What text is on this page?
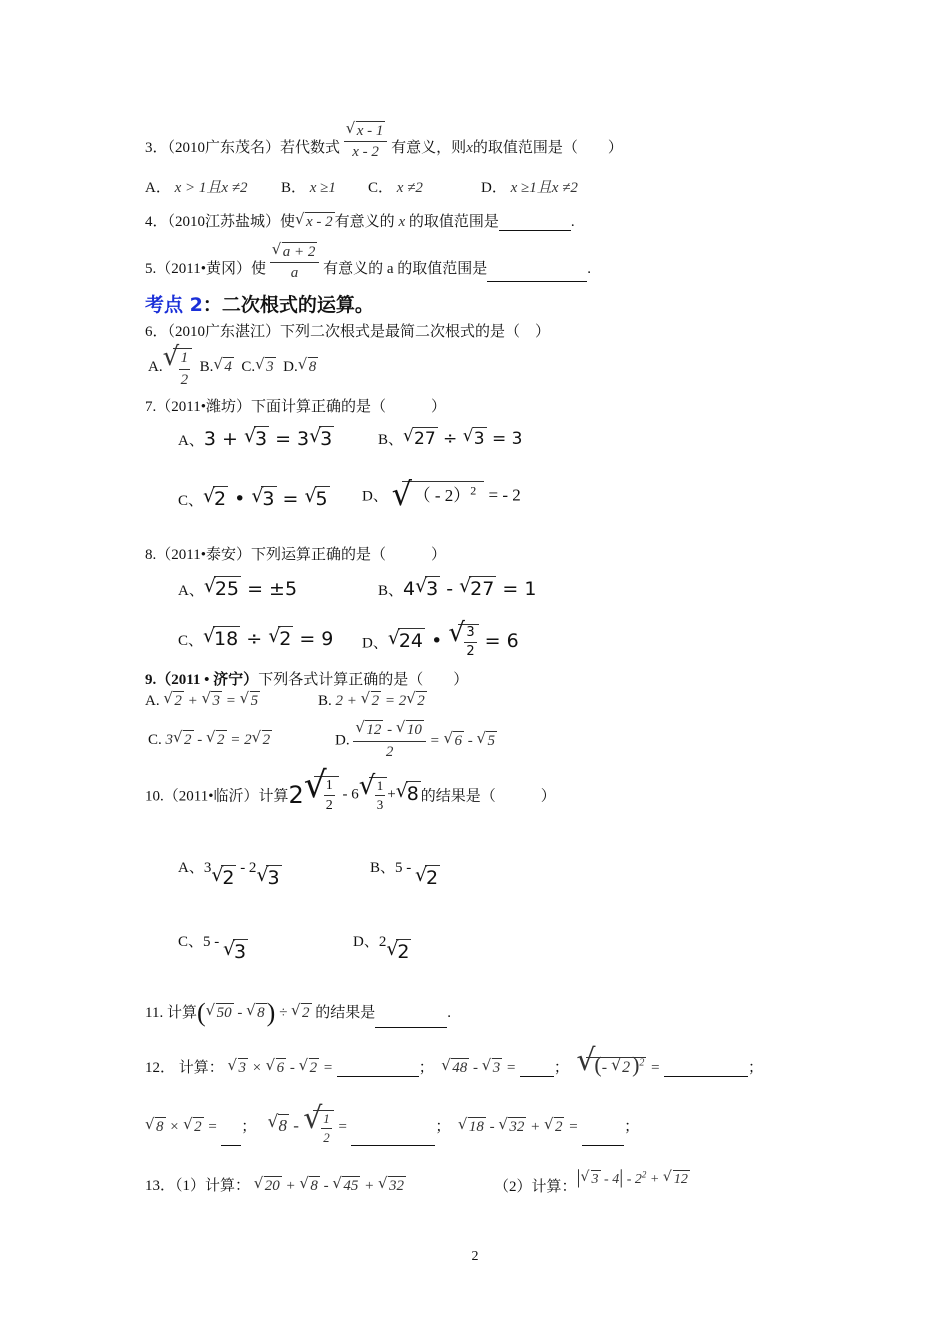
3．（2010广东茂名）若代数式 $\frac{√ x - 1}{x - 2}$ 有意义，则x的取值范围是（　　）
A． x > 1且x ≠2 B． x ≥1 C． x ≠2	D． x ≥1且x ≠2
4．（2010江苏盐城）使 √ x - 2 有意义的 x 的取值范围是	.
5.（2011•黄冈）使 $\frac{√ a + 2}{a}$ 有意义的 a 的取值范围是	.
考点 2：二次根式的运算。
6．（2010广东湛江）下列二次根式是最简二次根式的是（　）
A. √
$\frac{1}{2} B$. √ 4 C. √ 3 D. √ 8
7.（2011•潍坊）下面计算正确的是（　　　）
A、3 + √
3 = 3 √
3	B、 √ 27 ÷ √ 3 = 3
C、 √
2 • √
3 = √
5 D、 √ （ - 2）$^2$ = - 2
8.（2011•泰安）下列运算正确的是（　　　）
A、 √
25 = ±5	B、4 √
3 - √
27 = 1
C、 √
18 ÷ √
2 = 9 D、 √
24 • √
$\frac{3}{2} = 6$
9.（2011 • 济宁）下列各式计算正确的是（　　）
A. √ 2 + √ 3 = √ 5	B. 2 + √ 2 = 2 √ 2
C. 3 √ 2 - √ 2 = 2 √ 2	D. $\frac{√ 12 - √ 10}{2}$ = √ 6 - √ 5
10.（2011•临沂）计算2 √
$\frac{1}{2} - 6$ √
$\frac{1}{3}$ + √
8 的结果是（　　　）
A、3 √
2 - 2 √
3	B、5 - √
2
C、5 - √
3	D、2 √
2
11. 计算( √ 50 - √ 8) ÷ √ 2 的结果是	.
12． 计算： √ 3 × √ 6 - √ 2 =	； √ 48 - √ 3 =  ； √
(- √ 2)$^2$ =	；
√ 8 × √ 2 =  ； √ 8 - √
$\frac{1}{2}$ =	； √ 18 - √ 32 + √ 2 =	；
13．（1）计算： √ 20 + √ 8 - √ 45 + √ 32	（2）计算：| √ $3 - 4| - 2^2$ + √ 12
2
